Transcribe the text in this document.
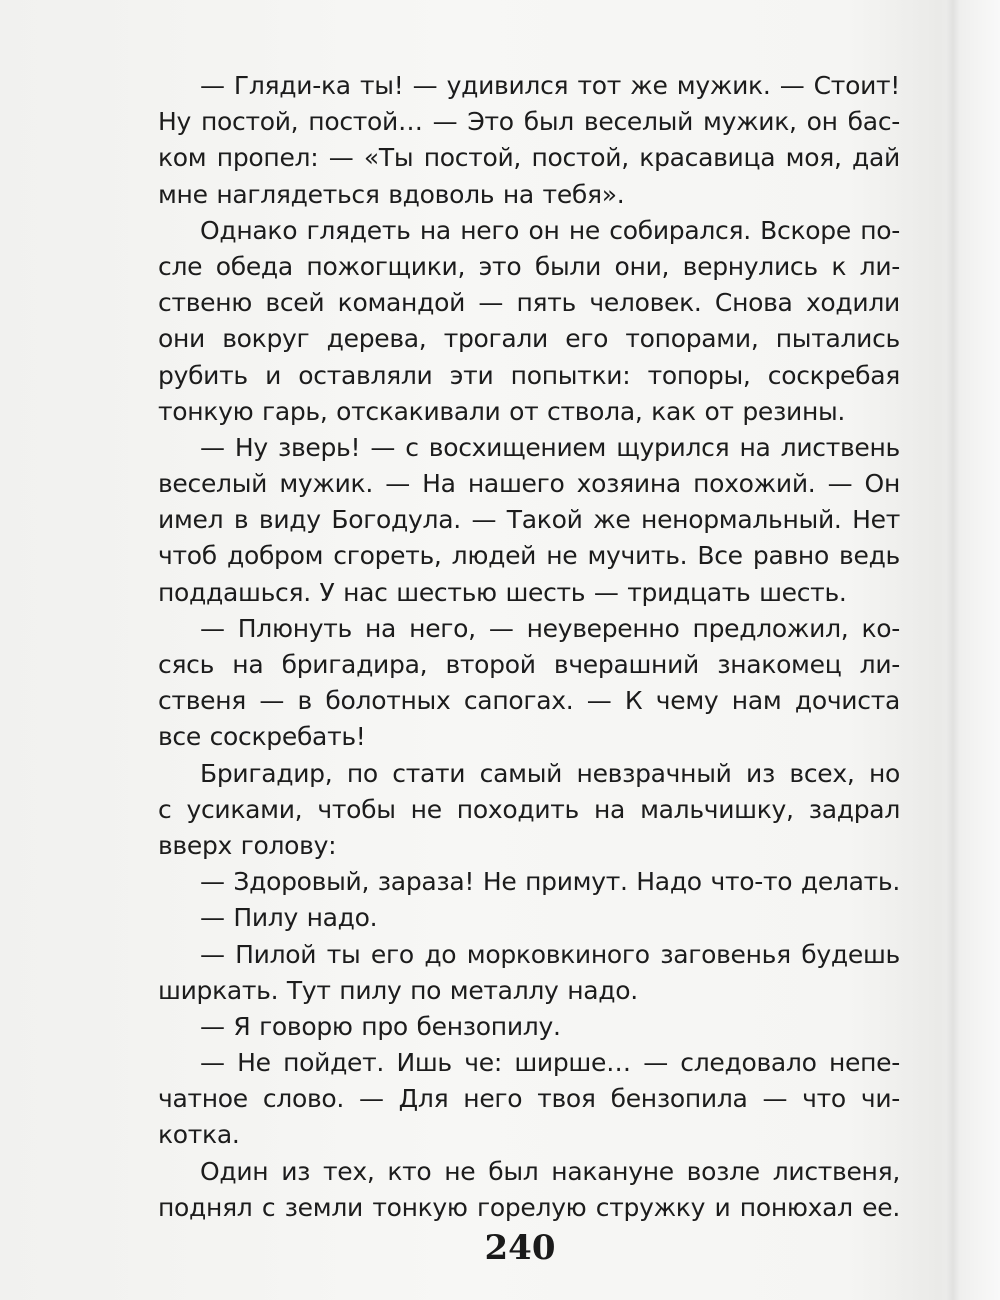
— Гляди-ка ты! — удивился тот же мужик. — Стоит!
Ну постой, постой… — Это был веселый мужик, он бас-
ком пропел: — «Ты постой, постой, красавица моя, дай
мне наглядеться вдоволь на тебя».
Однако глядеть на него он не собирался. Вскоре по-
сле обеда пожогщики, это были они, вернулись к ли-
ственю всей командой — пять человек. Снова ходили
они вокруг дерева, трогали его топорами, пытались
рубить и оставляли эти попытки: топоры, соскребая
тонкую гарь, отскакивали от ствола, как от резины.
— Ну зверь! — с восхищением щурился на листвень
веселый мужик. — На нашего хозяина похожий. — Он
имел в виду Богодула. — Такой же ненормальный. Нет
чтоб добром сгореть, людей не мучить. Все равно ведь
поддашься. У нас шестью шесть — тридцать шесть.
— Плюнуть на него, — неуверенно предложил, ко-
сясь на бригадира, второй вчерашний знакомец ли-
ственя — в болотных сапогах. — К чему нам дочиста
все соскребать!
Бригадир, по стати самый невзрачный из всех, но
с усиками, чтобы не походить на мальчишку, задрал
вверх голову:
— Здоровый, зараза! Не примут. Надо что-то делать.
— Пилу надо.
— Пилой ты его до морковкиного заговенья будешь
ширкать. Тут пилу по металлу надо.
— Я говорю про бензопилу.
— Не пойдет. Ишь че: ширше… — следовало непе-
чатное слово. — Для него твоя бензопила — что чи-
котка.
Один из тех, кто не был накануне возле лиственя,
поднял с земли тонкую горелую стружку и понюхал ее.
240
